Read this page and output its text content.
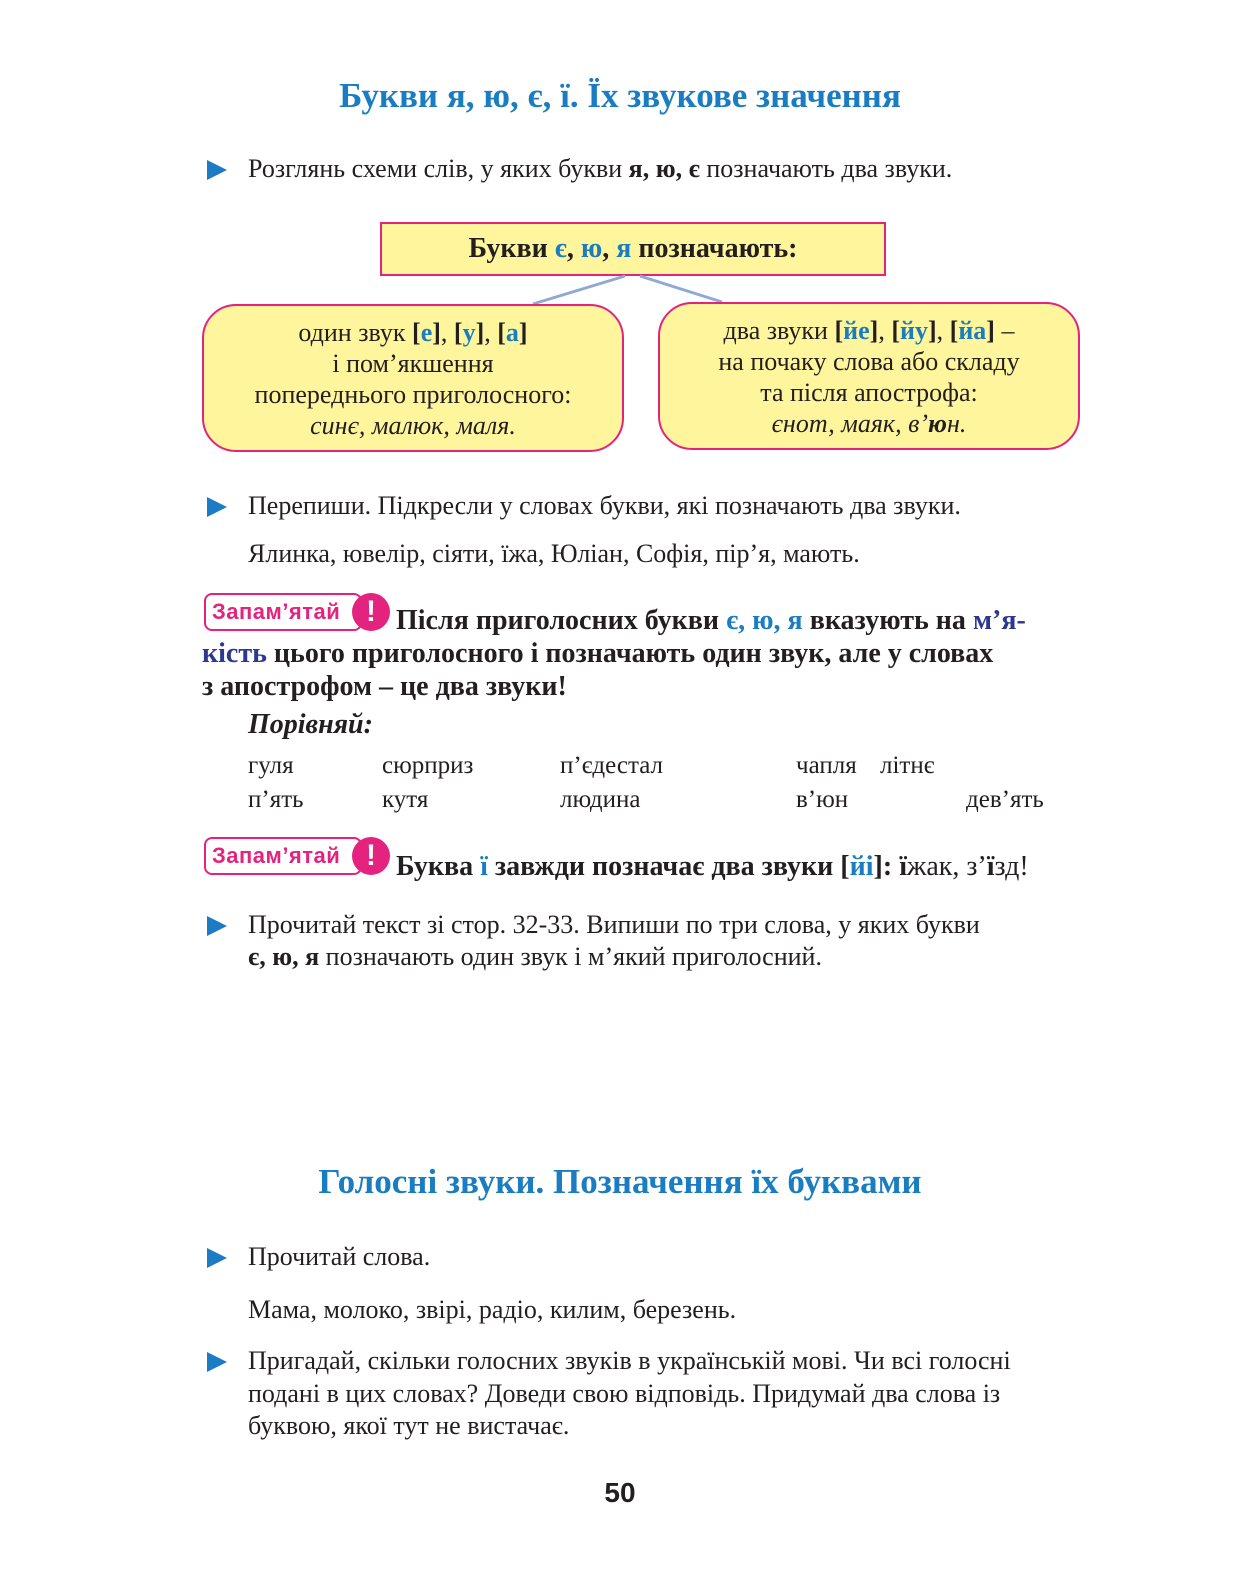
Букви я, ю, є, ї. Їх звукове значення
Розглянь схеми слів, у яких букви я, ю, є позначають два звуки.
Букви є, ю, я позначають:
один звук [е], [у], [а]
і пом’якшення
попереднього приголосного:
синє, малюк, маля.
два звуки [йе], [йу], [йа] –
на почаку слова або складу
та після апострофа:
єнот, маяк, в’юн.
Перепиши. Підкресли у словах букви, які позначають два звуки.
Ялинка, ювелір, сіяти, їжа, Юліан, Софія, пір’я, мають.
Запам’ятай ! Після приголосних букви є, ю, я вказують на м’я-
кість цього приголосного і позначають один звук, але у словах
з апострофом – це два звуки!
Порівняй:
гуля	сюрприз	п’єдестал	чапля літнє
п’ять	кутя	людина	в’юн	дев’ять
Запам’ятай ! Буква ї завжди позначає два звуки [йі]: їжак, з’їзд!
Прочитай текст зі стор. 32-33. Випиши по три слова, у яких букви
є, ю, я позначають один звук і м’який приголосний.
Голосні звуки. Позначення їх буквами
Прочитай слова.
Мама, молоко, звірі, радіо, килим, березень.
Пригадай, скільки голосних звуків в українській мові. Чи всі голосні
подані в цих словах? Доведи свою відповідь. Придумай два слова із
буквою, якої тут не вистачає.
50
